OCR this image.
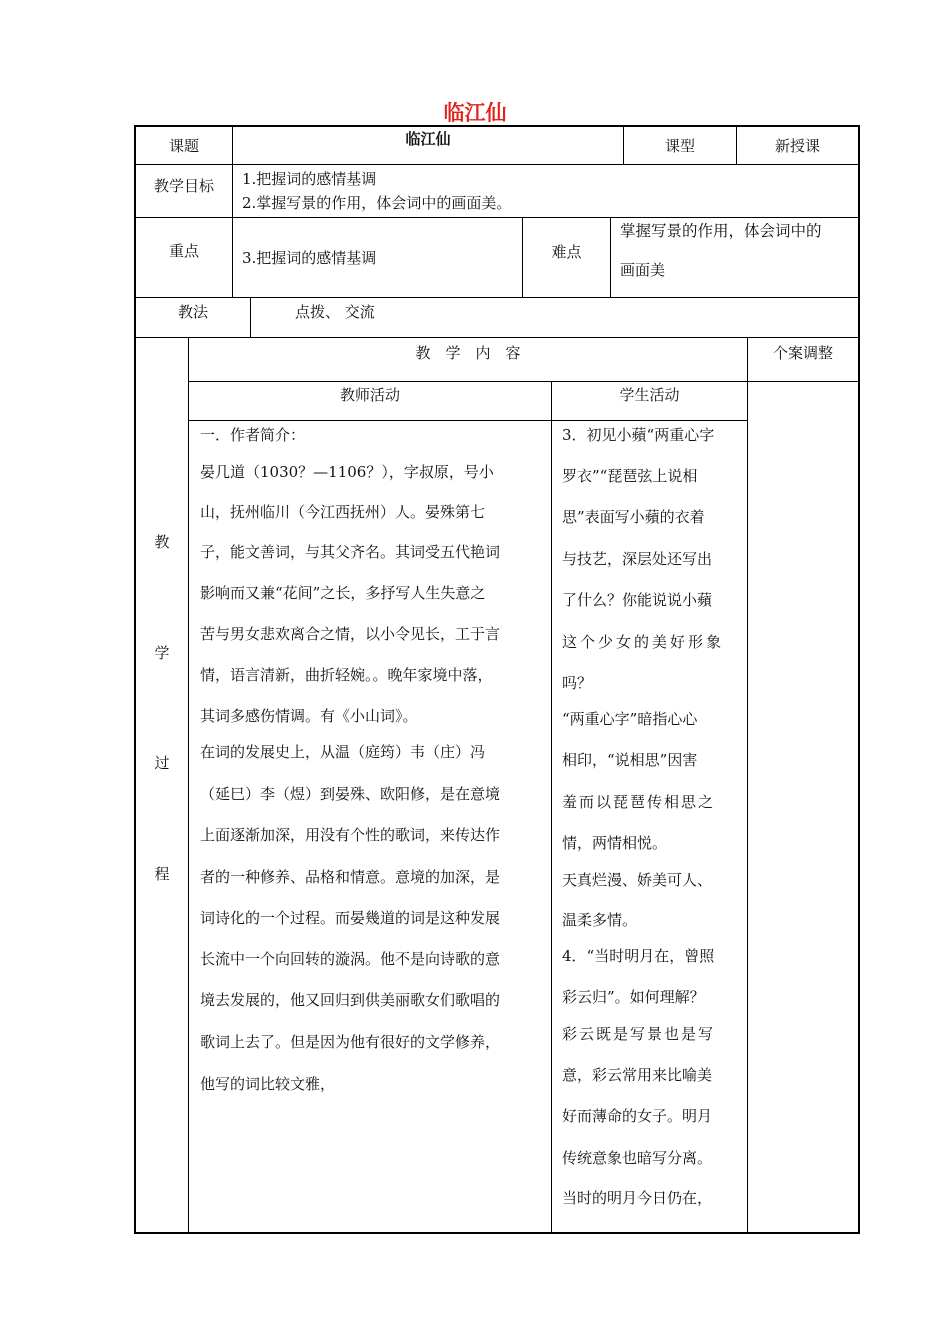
临江仙
课题	临江仙	课型	新授课
教学目标	1.把握词的感情基调
2.掌握写景的作用，体会词中的画面美。
重点	3.把握词的感情基调	难点
掌握写景的作用，体会词中的
画面美
教法	点拨、 交流
教
学
过
程
教　学　内　容	个案调整
教师活动	学生活动
一．作者简介：
晏几道（1030？—1106？），字叔原，号小
山，抚州临川（今江西抚州）人。晏殊第七
子，能文善词，与其父齐名。其词受五代艳词
影响而又兼“花间”之长，多抒写人生失意之
苦与男女悲欢离合之情，以小令见长，工于言
情，语言清新，曲折轻婉。。晚年家境中落，
其词多感伤情调。有《小山词》。
在词的发展史上，从温（庭筠）韦（庄）冯
（延巳）李（煜）到晏殊、欧阳修，是在意境
上面逐渐加深，用没有个性的歌词，来传达作
者的一种修养、品格和情意。意境的加深，是
词诗化的一个过程。而晏幾道的词是这种发展
长流中一个向回转的漩涡。他不是向诗歌的意
境去发展的，他又回归到供美丽歌女们歌唱的
歌词上去了。但是因为他有很好的文学修养，
他写的词比较文雅，
3．初见小蘋“两重心字
罗衣”“琵琶弦上说相
思”表面写小蘋的衣着
与技艺，深层处还写出
了什么？你能说说小蘋
这个少女的美好形象
吗？
“两重心字”暗指心心
相印，“说相思”因害
羞而以琵琶传相思之
情，两情相悦。
天真烂漫、娇美可人、
温柔多情。
4．“当时明月在，曾照
彩云归”。如何理解？
彩云既是写景也是写
意，彩云常用来比喻美
好而薄命的女子。明月
传统意象也暗写分离。
当时的明月今日仍在，
